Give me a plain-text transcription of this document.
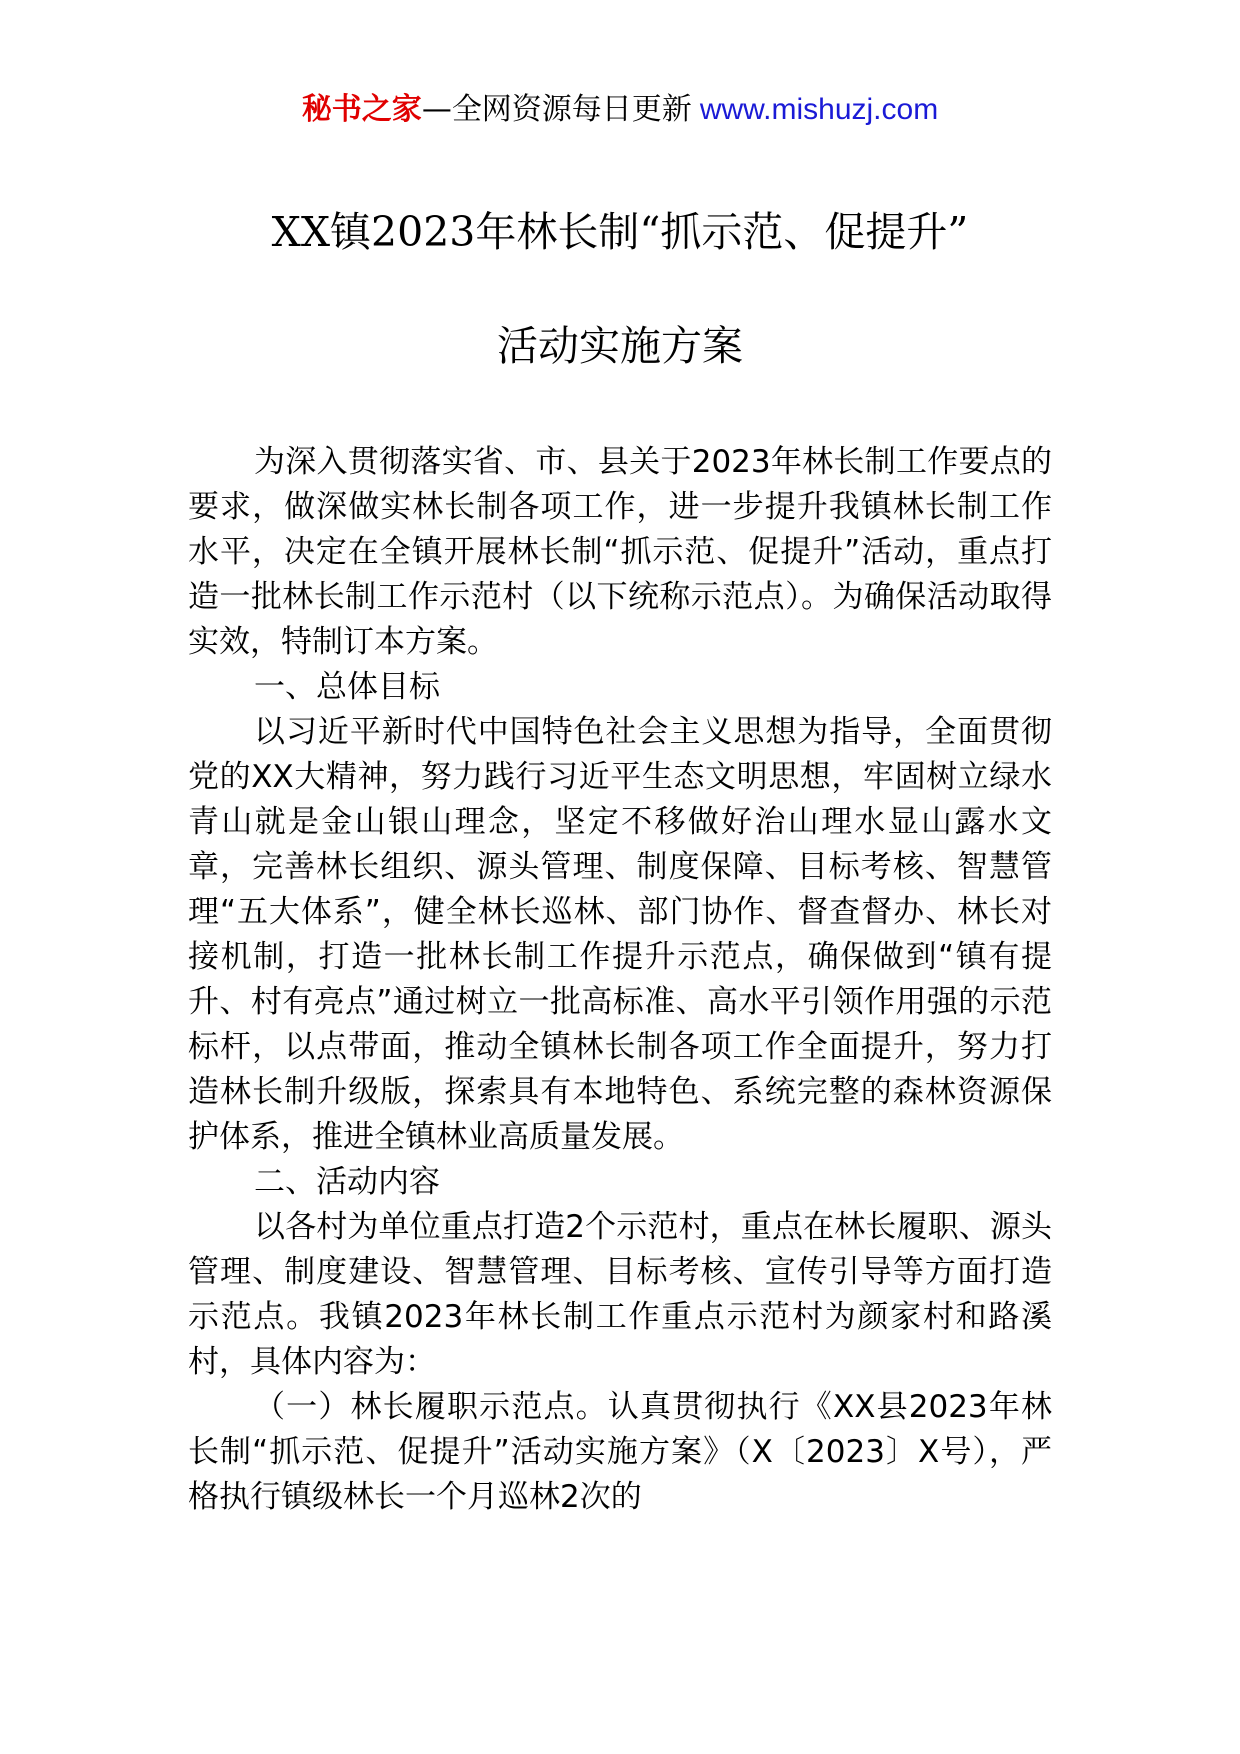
秘书之家—全网资源每日更新 www.mishuzj.com
XX镇2023年林长制“抓示范、促提升”
活动实施方案

为深入贯彻落实省、市、县关于2023年林长制工作要点的要求，做深做实林长制各项工作，进一步提升我镇林长制工作水平，决定在全镇开展林长制“抓示范、促提升”活动，重点打造一批林长制工作示范村（以下统称示范点）。为确保活动取得实效，特制订本方案。

一、总体目标

以习近平新时代中国特色社会主义思想为指导，全面贯彻党的XX大精神，努力践行习近平生态文明思想，牢固树立绿水青山就是金山银山理念，坚定不移做好治山理水显山露水文章，完善林长组织、源头管理、制度保障、目标考核、智慧管理“五大体系”，健全林长巡林、部门协作、督查督办、林长对接机制，打造一批林长制工作提升示范点，确保做到“镇有提升、村有亮点”通过树立一批高标准、高水平引领作用强的示范标杆，以点带面，推动全镇林长制各项工作全面提升，努力打造林长制升级版，探索具有本地特色、系统完整的森林资源保护体系，推进全镇林业高质量发展。

二、活动内容

以各村为单位重点打造2个示范村，重点在林长履职、源头管理、制度建设、智慧管理、目标考核、宣传引导等方面打造示范点。我镇2023年林长制工作重点示范村为颜家村和路溪村，具体内容为：

（一）林长履职示范点。认真贯彻执行《XX县2023年林长制“抓示范、促提升”活动实施方案》（X〔2023〕X号），严格执行镇级林长一个月巡林2次的
